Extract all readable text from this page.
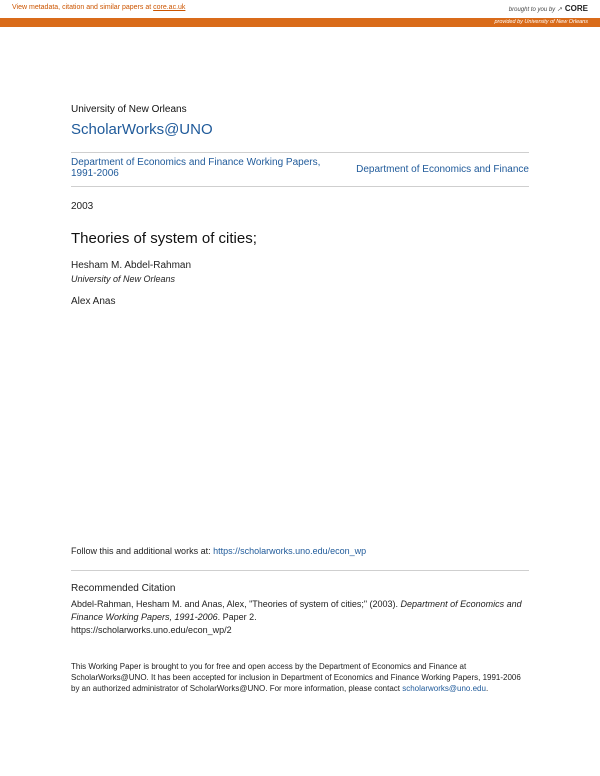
View metadata, citation and similar papers at core.ac.uk	brought to you by ↗ CORE
provided by University of New Orleans
University of New Orleans
ScholarWorks@UNO
Department of Economics and Finance Working Papers, 1991-2006	Department of Economics and Finance
2003
Theories of system of cities;
Hesham M. Abdel-Rahman
University of New Orleans
Alex Anas
Follow this and additional works at: https://scholarworks.uno.edu/econ_wp
Recommended Citation
Abdel-Rahman, Hesham M. and Anas, Alex, "Theories of system of cities;" (2003). Department of Economics and Finance Working Papers, 1991-2006. Paper 2.
https://scholarworks.uno.edu/econ_wp/2
This Working Paper is brought to you for free and open access by the Department of Economics and Finance at ScholarWorks@UNO. It has been accepted for inclusion in Department of Economics and Finance Working Papers, 1991-2006 by an authorized administrator of ScholarWorks@UNO. For more information, please contact scholarworks@uno.edu.
